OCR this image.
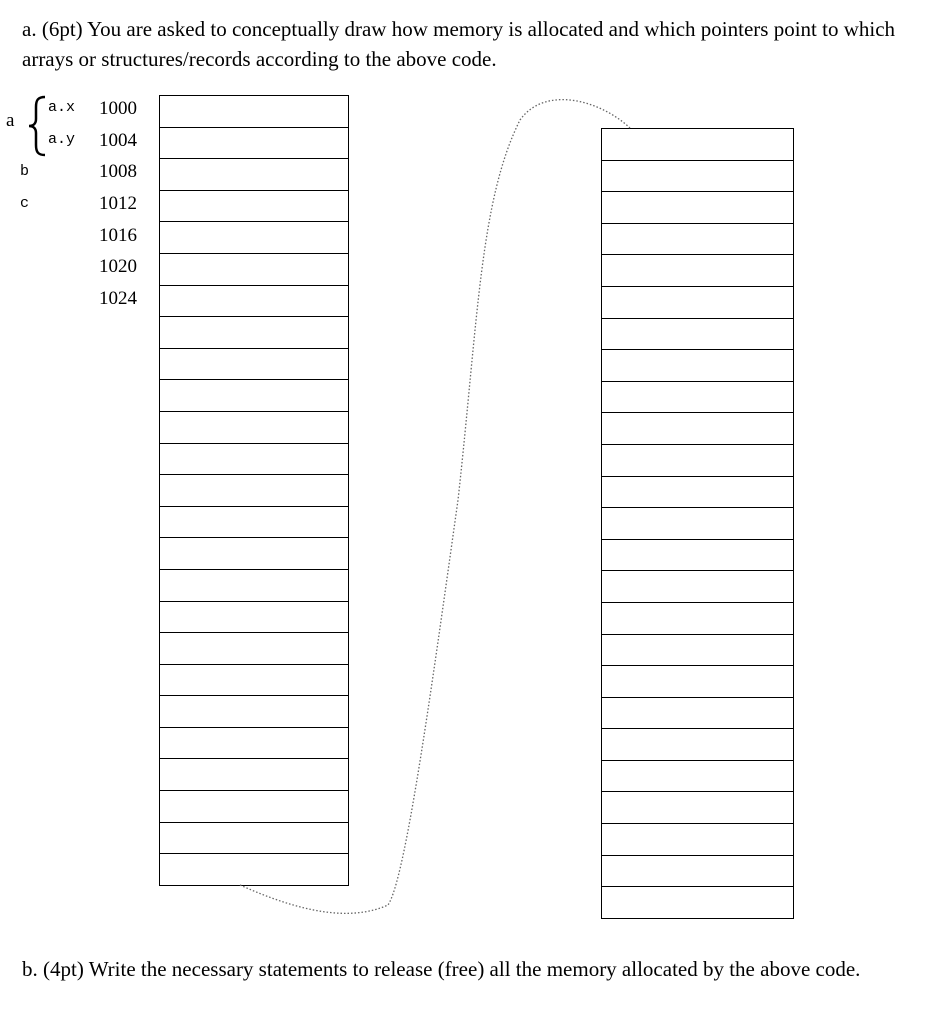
a. (6pt) You are asked to conceptually draw how memory is allocated and which pointers point to which arrays or structures/records according to the above code.

a
a.x
a.y
b
c
1000
1004
1008
1012
1016
1020
1024

b. (4pt) Write the necessary statements to release (free) all the memory allocated by the above code.
